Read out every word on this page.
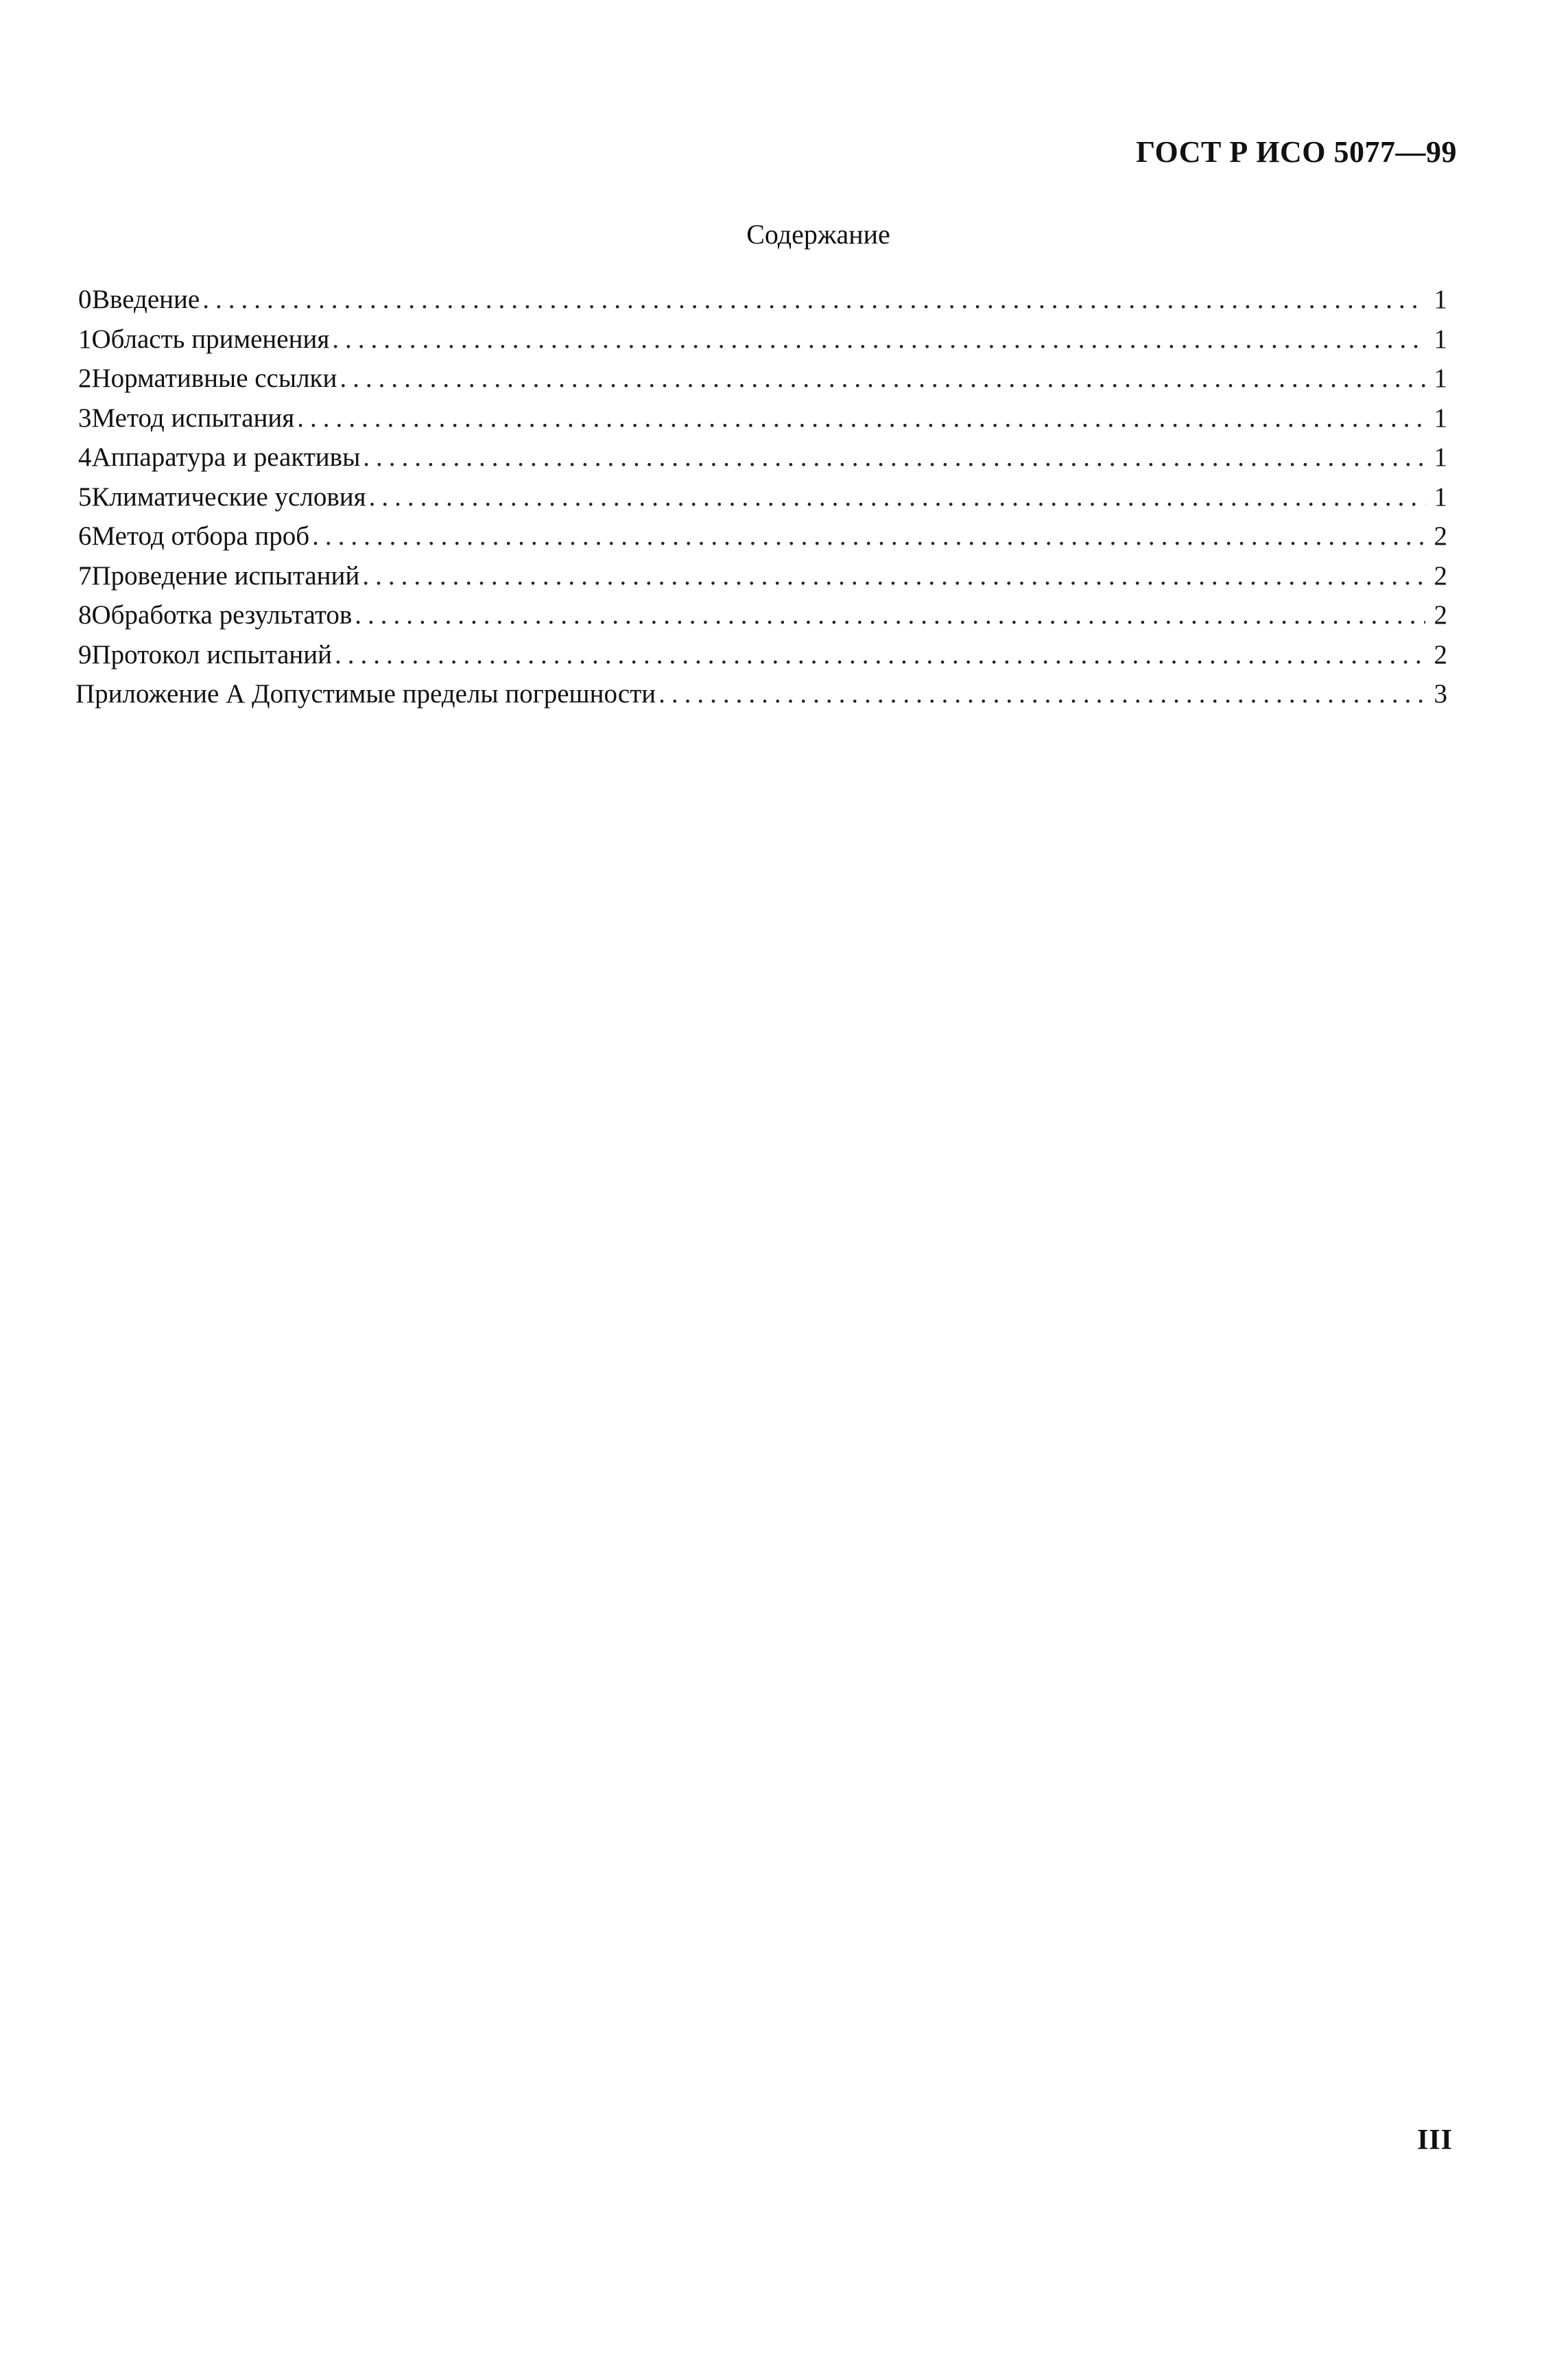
ГОСТ Р ИСО 5077—99
Содержание
0 Введение .....	1
1 Область применения .....	1
2 Нормативные ссылки .....	1
3 Метод испытания .....	1
4 Аппаратура и реактивы .....	1
5 Климатические условия .....	1
6 Метод отбора проб .....	2
7 Проведение испытаний .....	2
8 Обработка результатов .....	2
9 Протокол испытаний .....	2
Приложение А Допустимые пределы погрешности .....	3
III
